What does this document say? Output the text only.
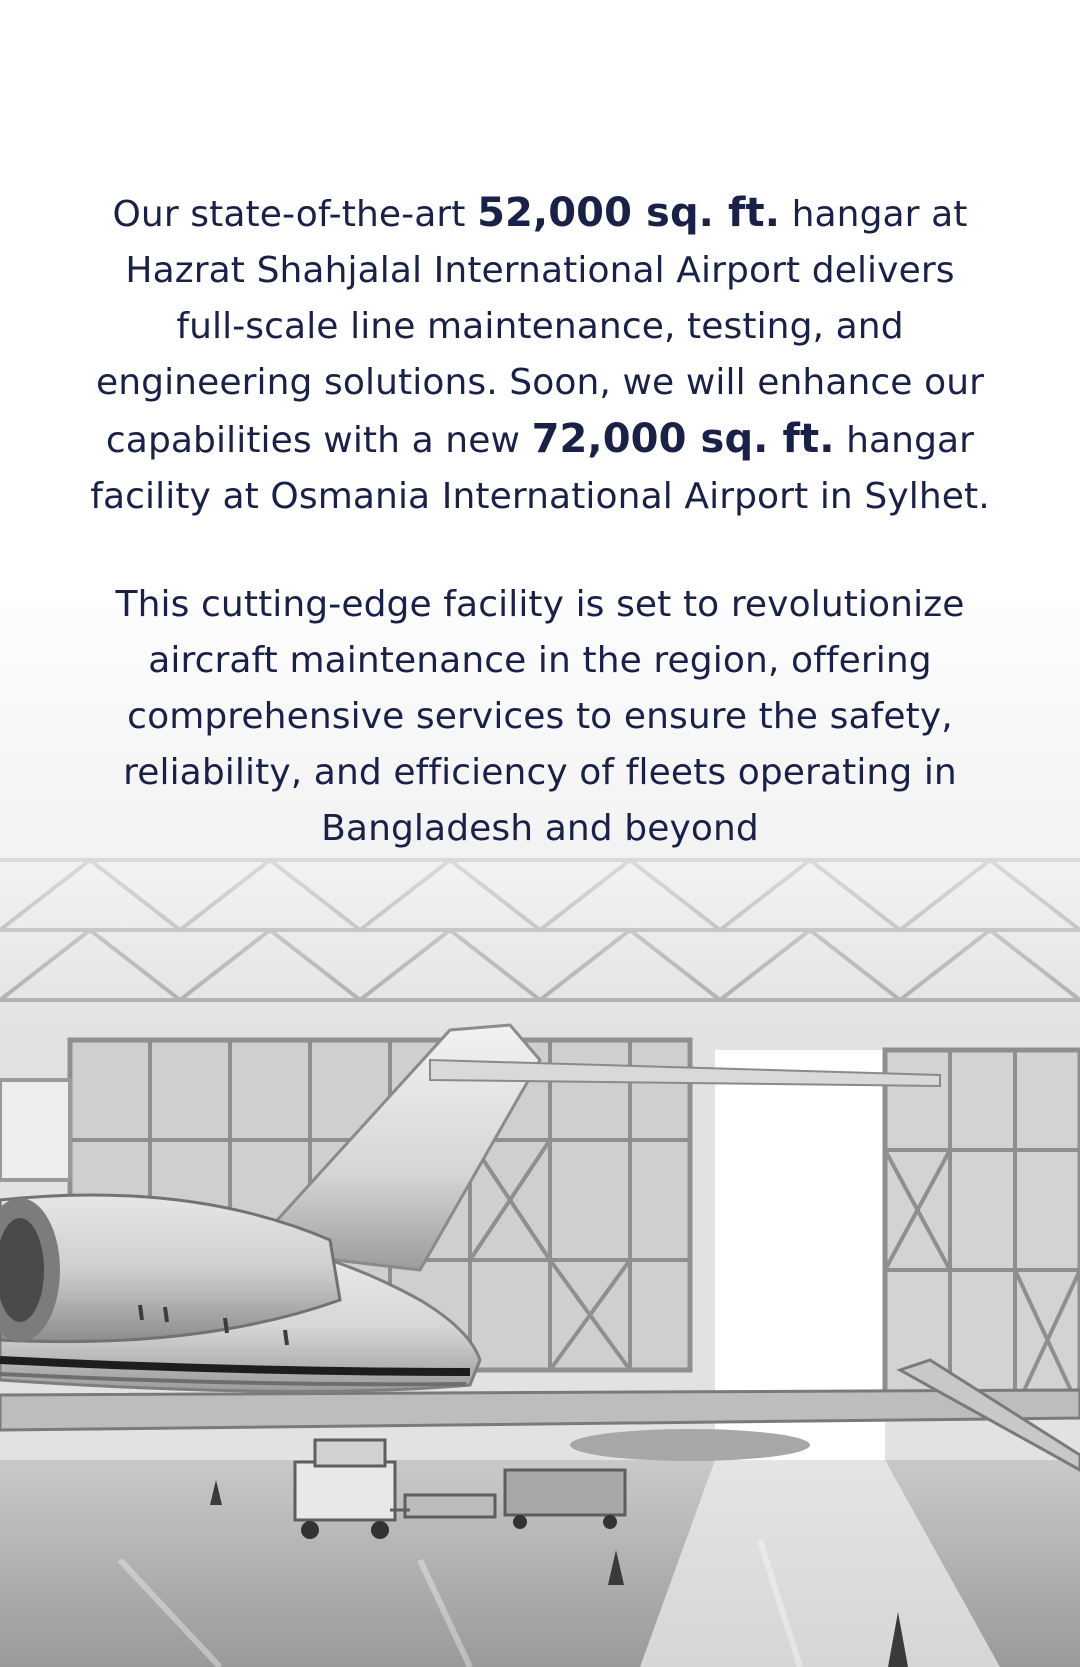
Our state-of-the-art 52,000 sq. ft. hangar at Hazrat Shahjalal International Airport delivers full-scale line maintenance, testing, and engineering solutions. Soon, we will enhance our capabilities with a new 72,000 sq. ft. hangar facility at Osmania International Airport in Sylhet.

This cutting-edge facility is set to revolutionize aircraft maintenance in the region, offering comprehensive services to ensure the safety, reliability, and efficiency of fleets operating in Bangladesh and beyond
